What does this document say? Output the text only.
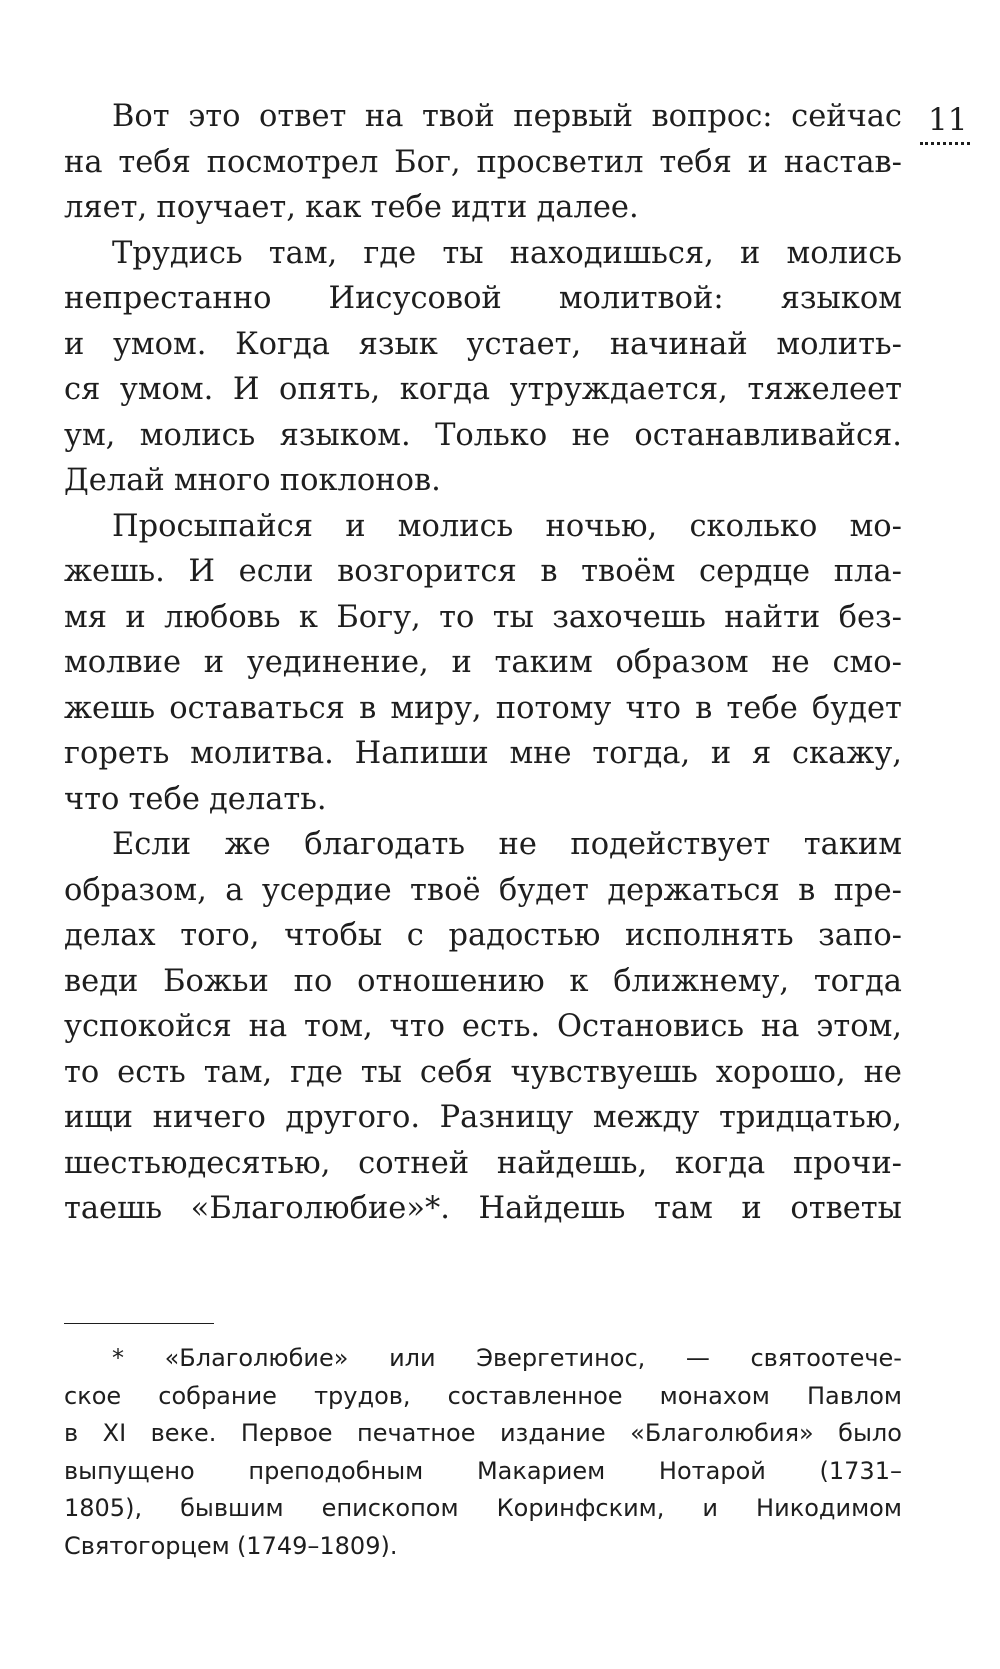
11
Вот это ответ на твой первый вопрос: сейчас
на тебя посмотрел Бог, просветил тебя и настав-
ляет, поучает, как тебе идти далее.
Трудись там, где ты находишься, и молись
непрестанно Иисусовой молитвой: языком
и умом. Когда язык устает, начинай молить-
ся умом. И опять, когда утруждается, тяжелеет
ум, молись языком. Только не останавливайся.
Делай много поклонов.
Просыпайся и молись ночью, сколько мо-
жешь. И если возгорится в твоём сердце пла-
мя и любовь к Богу, то ты захочешь найти без-
молвие и уединение, и таким образом не смо-
жешь оставаться в миру, потому что в тебе будет
гореть молитва. Напиши мне тогда, и я скажу,
что тебе делать.
Если же благодать не подействует таким
образом, а усердие твоё будет держаться в пре-
делах того, чтобы с радостью исполнять запо-
веди Божьи по отношению к ближнему, тогда
успокойся на том, что есть. Остановись на этом,
то есть там, где ты себя чувствуешь хорошо, не
ищи ничего другого. Разницу между тридцатью,
шестьюдесятью, сотней найдешь, когда прочи-
таешь «Благолюбие»*. Найдешь там и ответы
* «Благолюбие» или Эвергетинос, — святоотече-
ское собрание трудов, составленное монахом Павлом
в XI веке. Первое печатное издание «Благолюбия» было
выпущено преподобным Макарием Нотарой (1731–
1805), бывшим епископом Коринфским, и Никодимом
Святогорцем (1749–1809).
